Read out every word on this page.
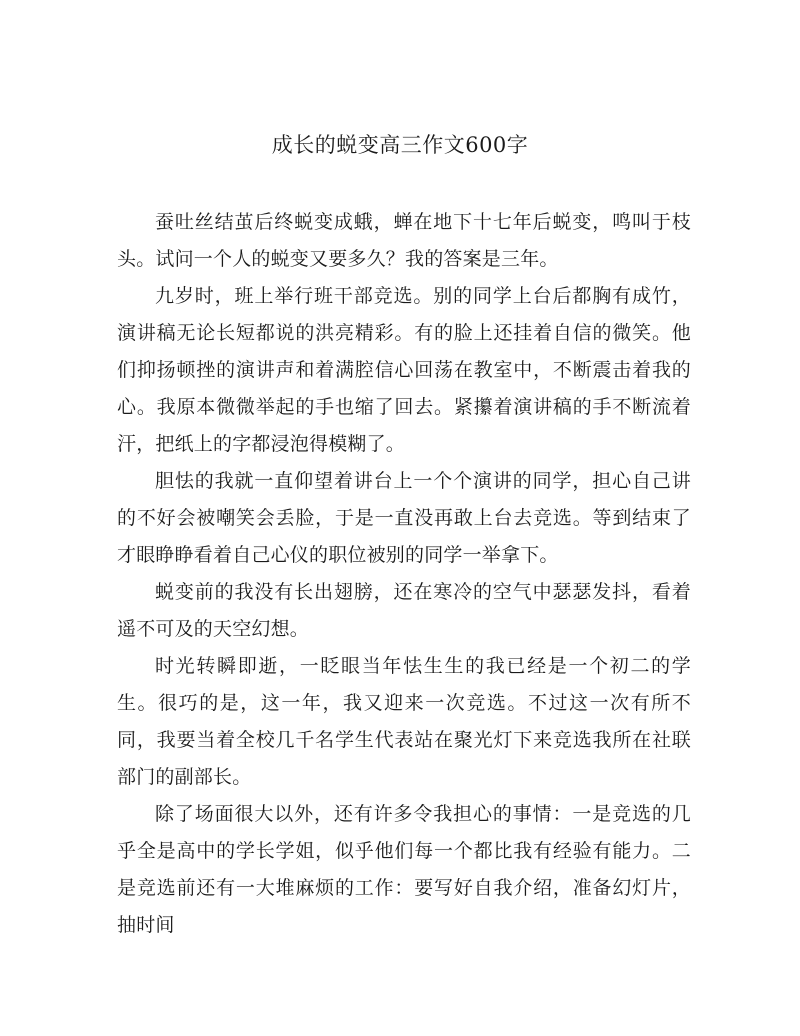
成长的蜕变高三作文600字

蚕吐丝结茧后终蜕变成蛾，蝉在地下十七年后蜕变，鸣叫于枝头。试问一个人的蜕变又要多久？我的答案是三年。

九岁时，班上举行班干部竞选。别的同学上台后都胸有成竹，演讲稿无论长短都说的洪亮精彩。有的脸上还挂着自信的微笑。他们抑扬顿挫的演讲声和着满腔信心回荡在教室中，不断震击着我的心。我原本微微举起的手也缩了回去。紧攥着演讲稿的手不断流着汗，把纸上的字都浸泡得模糊了。

胆怯的我就一直仰望着讲台上一个个演讲的同学，担心自己讲的不好会被嘲笑会丢脸，于是一直没再敢上台去竞选。等到结束了才眼睁睁看着自己心仪的职位被别的同学一举拿下。

蜕变前的我没有长出翅膀，还在寒冷的空气中瑟瑟发抖，看着遥不可及的天空幻想。

时光转瞬即逝，一眨眼当年怯生生的我已经是一个初二的学生。很巧的是，这一年，我又迎来一次竞选。不过这一次有所不同，我要当着全校几千名学生代表站在聚光灯下来竞选我所在社联部门的副部长。

除了场面很大以外，还有许多令我担心的事情：一是竞选的几乎全是高中的学长学姐，似乎他们每一个都比我有经验有能力。二是竞选前还有一大堆麻烦的工作：要写好自我介绍，准备幻灯片，抽时间
